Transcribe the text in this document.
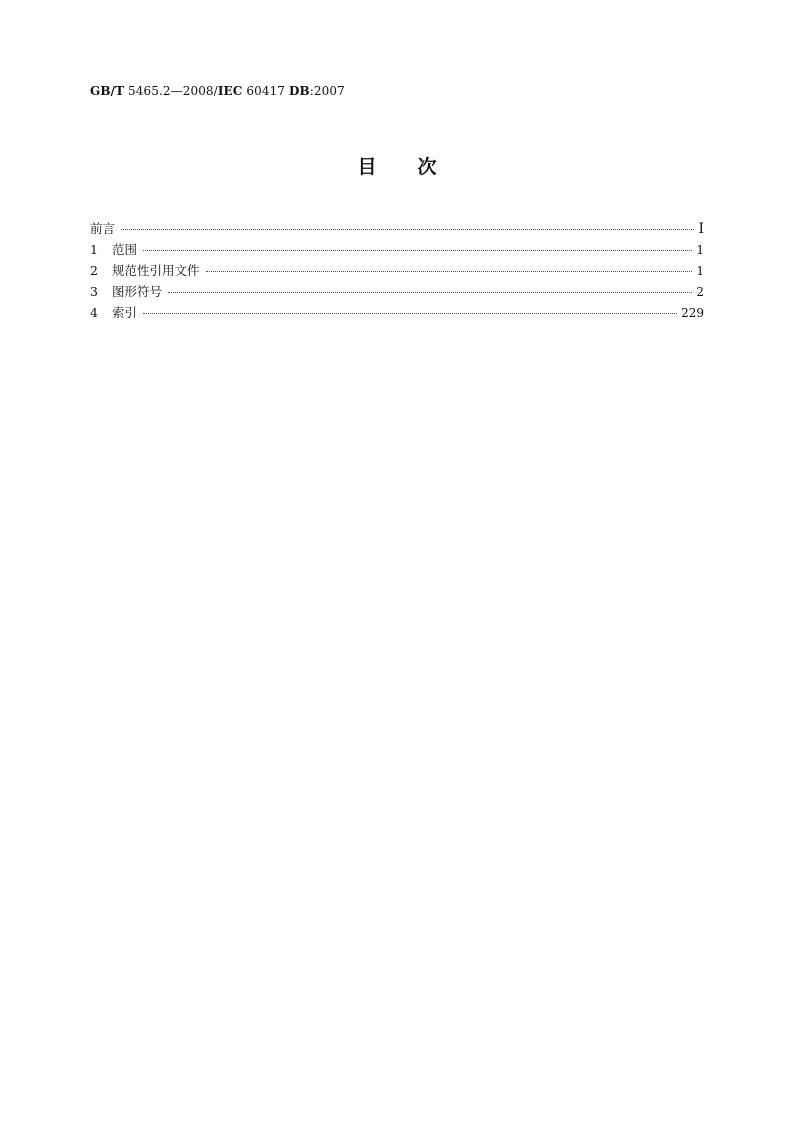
GB/T 5465.2—2008/IEC 60417 DB:2007
目次
前言	I
1	范围	1
2	规范性引用文件	1
3	图形符号	2
4	索引	229
